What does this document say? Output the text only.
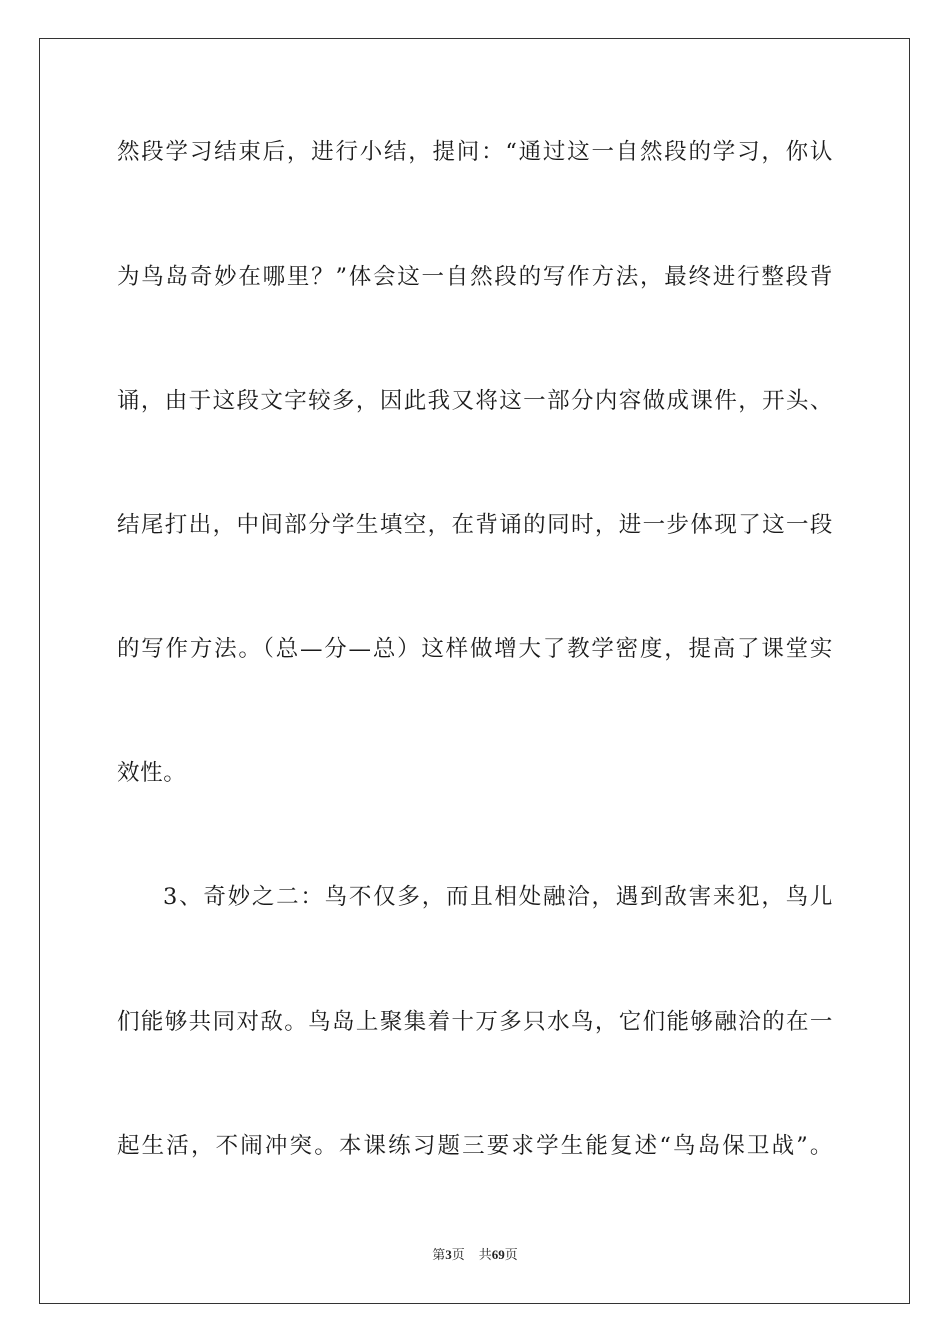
然段学习结束后，进行小结，提问：“通过这一自然段的学习，你认
为鸟岛奇妙在哪里？”体会这一自然段的写作方法，最终进行整段背
诵，由于这段文字较多，因此我又将这一部分内容做成课件，开头、
结尾打出，中间部分学生填空，在背诵的同时，进一步体现了这一段
的写作方法。（总—分—总）这样做增大了教学密度，提高了课堂实
效性。
3、奇妙之二：鸟不仅多，而且相处融洽，遇到敌害来犯，鸟儿
们能够共同对敌。鸟岛上聚集着十万多只水鸟，它们能够融洽的在一
起生活，不闹冲突。本课练习题三要求学生能复述“鸟岛保卫战”。
第3页 共69页
